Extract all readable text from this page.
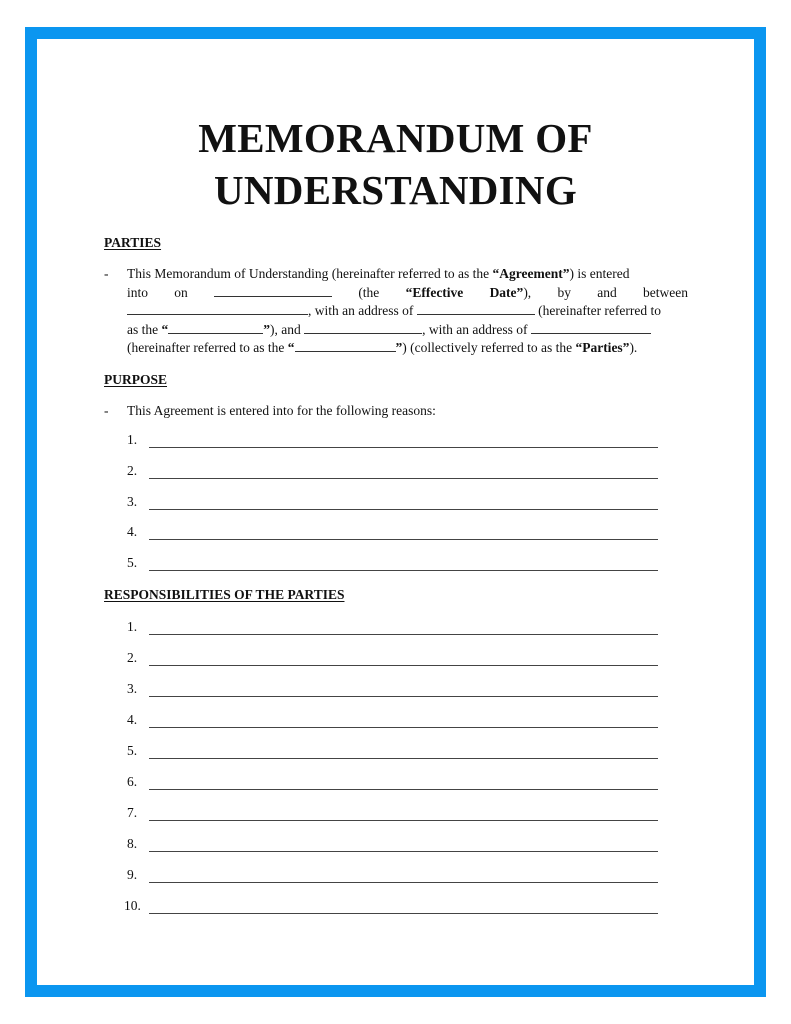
MEMORANDUM OF
UNDERSTANDING
PARTIES
- This Memorandum of Understanding (hereinafter referred to as the “Agreement”) is entered
into on	(the “Effective Date”), by and between
, with an address of	(hereinafter referred to
as the “	”), and	, with an address of
(hereinafter referred to as the “	”) (collectively referred to as the “Parties”).
PURPOSE
- This Agreement is entered into for the following reasons:
1.
2.
3.
4.
5.
RESPONSIBILITIES OF THE PARTIES
1.
2.
3.
4.
5.
6.
7.
8.
9.
10.
